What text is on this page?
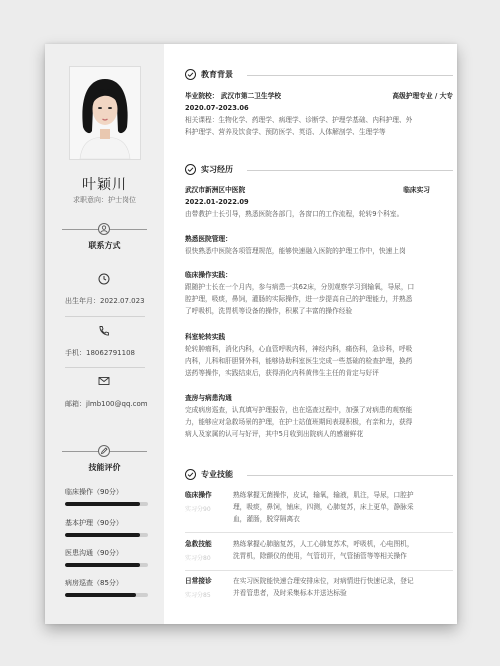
叶颖川
求职意向：护士岗位
联系方式
出生年月：2022.07.023
手机：18062791108
邮箱：jlmb100@qq.com
技能评价
临床操作（90分）
基本护理（90分）
医患沟通（90分）
病房巡查（85分）
教育背景
毕业院校： 武汉市第二卫生学校	高级护理专业 / 大专
2020.07-2023.06
相关课程：生物化学、药理学、病理学、诊断学、护理学基础、内科护理、外
科护理学、营养及饮食学、预防医学、英语、人体解剖学、生理学等
实习经历
武汉市新洲区中医院	临床实习
2022.01-2022.09
由带教护士长引导，熟悉医院各部门，各窗口的工作流程，轮转9个科室。
熟悉医院管理：
很快熟悉中医院各项管理规范，能够快速融入医院的护理工作中，快速上岗
临床操作实践：
跟随护士长在一个月内，参与病患一共62床，分别观察学习到输氧，导尿，口
腔护理，吸痰，鼻饲，灌肠的实际操作，进一步提高自己的护理能力，并熟悉
了呼吸机，洗胃机等设备的操作，积累了丰富的操作经验
科室轮转实践
轮转肿瘤科，消化内科，心血管呼吸内科，神经内科，痛伤科，急诊科，呼吸
内科，儿科和肝胆肾外科，能够协助科室医生完成一些基础的检查护理，换药
送药等操作，实践结束后，获得消化内科黄伟生主任的肯定与好评
查房与病患沟通
完成病房巡查，认真填写护理报告，也在巡查过程中，加强了对病患的观察能
力，能够应对急救场景的护理，在护士站值班期间表现积极，有亲和力，获得
病人及家属的认可与好评，其中5月收到出院病人的感谢鲜花
专业技能
临床操作
实习分90
熟练掌握无菌操作，皮试，输氧，输液，肌注，导尿，口腔护
理，吸痰，鼻饲，铺床，四测，心肺复苏，床上更单，静脉采
血，灌肠，脱穿隔离衣
急救技能
实习分80
熟练掌握心肺脑复苏，人工心肺复苏术，呼吸机，心电图机，
洗胃机，除颤仪的使用，气管切开，气管插管等等相关操作
日常接诊
实习分85
在实习医院能快速合理安排床位，对病情进行快速记录，登记
并看管患者，及时采集标本并送达标验
